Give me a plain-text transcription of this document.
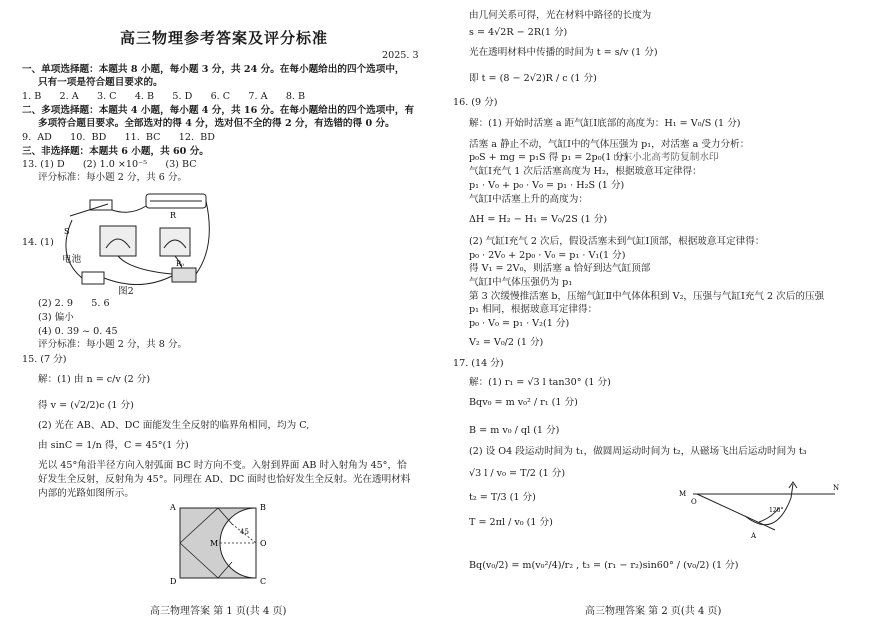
高三物理参考答案及评分标准
2025. 3
一、单项选择题：本题共 8 小题，每小题 3 分，共 24 分。在每小题给出的四个选项中，
只有一项是符合题目要求的。
1. B      2. A      3. C      4. B      5. D      6. C      7. A      8. B
二、多项选择题：本题共 4 小题，每小题 4 分，共 16 分。在每小题给出的四个选项中，有
多项符合题目要求。全部选对的得 4 分，选对但不全的得 2 分，有选错的得 0 分。
9.  AD      10.  BD      11.  BC      12.  BD
三、非选择题：本题共 6 小题，共 60 分。
13. (1) D      (2) 1.0 ×10⁻⁵      (3) BC
评分标准：每小题 2 分，共 6 分。
14. (1)
S
R
R₀
电池
图2
(2) 2. 9      5. 6
(3) 偏小
(4) 0. 39 ~ 0. 45
评分标准：每小题 2 分，共 8 分。
15. (7 分)
解：(1) 由 n = c/v (2 分)
得 v = (√2/2)c (1 分)
(2) 光在 AB、AD、DC 面能发生全反射的临界角相同，均为 C,
由 sinC = 1/n 得，C = 45°(1 分)
光以 45°角沿半径方向入射弧面 BC 时方向不变。入射到界面 AB 时入射角为 45°，恰
好发生全反射，反射角为 45°。同理在 AD、DC 面时也恰好发生全反射。光在透明材料
内部的光路如图所示。
A	B
C
D
M	O
45
高三物理答案 第 1 页(共 4 页)
由几何关系可得，光在材料中路径的长度为
s = 4√2R − 2R(1 分)
光在透明材料中传播的时间为 t = s/v (1 分)
即 t = (8 − 2√2)R / c (1 分)
16. (9 分)
解：(1) 开始时活塞 a 距气缸Ⅰ底部的高度为：H₁ = V₀/S (1 分)
活塞 a 静止不动，气缸Ⅰ中的气体压强为 p₁，对活塞 a 受力分析：
p₀S + mg = p₁S 得 p₁ = 2p₀(1 分)
山东小北高考防复制水印
气缸Ⅰ充气 1 次后活塞高度为 H₂，根据玻意耳定律得：
p₁ · V₀ + p₀ · V₀ = p₁ · H₂S (1 分)
气缸Ⅰ中活塞上升的高度为：
ΔH = H₂ − H₁ = V₀/2S (1 分)
(2) 气缸Ⅰ充气 2 次后，假设活塞未到气缸Ⅰ顶部，根据玻意耳定律得：
p₀ · 2V₀ + 2p₀ · V₀ = p₁ · V₁(1 分)
得 V₁ = 2V₀，则活塞 a 恰好到达气缸顶部
气缸Ⅰ中气体压强仍为 p₁
第 3 次缓慢推活塞 b，压缩气缸Ⅱ中气体体积到 V₂，压强与气缸Ⅰ充气 2 次后的压强
p₁ 相同，根据玻意耳定律得：
p₀ · V₀ = p₁ · V₂(1 分)
V₂ = V₀/2 (1 分)
17. (14 分)
解：(1) r₁ = √3 l tan30° (1 分)
Bqv₀ = m v₀² / r₁ (1 分)
B = m v₀ / ql (1 分)
(2) 设 O4 段运动时间为 t₁，做圆周运动时间为 t₂，从磁场飞出后运动时间为 t₃
√3 l / v₀ = T/2 (1 分)
t₂ = T/3 (1 分)
T = 2πl / v₀ (1 分)
Bq(v₀/2) = m(v₀²/4)/r₂ , t₃ = (r₁ − r₂)sin60° / (v₀/2) (1 分)
M
O
N
A
120°
高三物理答案 第 2 页(共 4 页)
